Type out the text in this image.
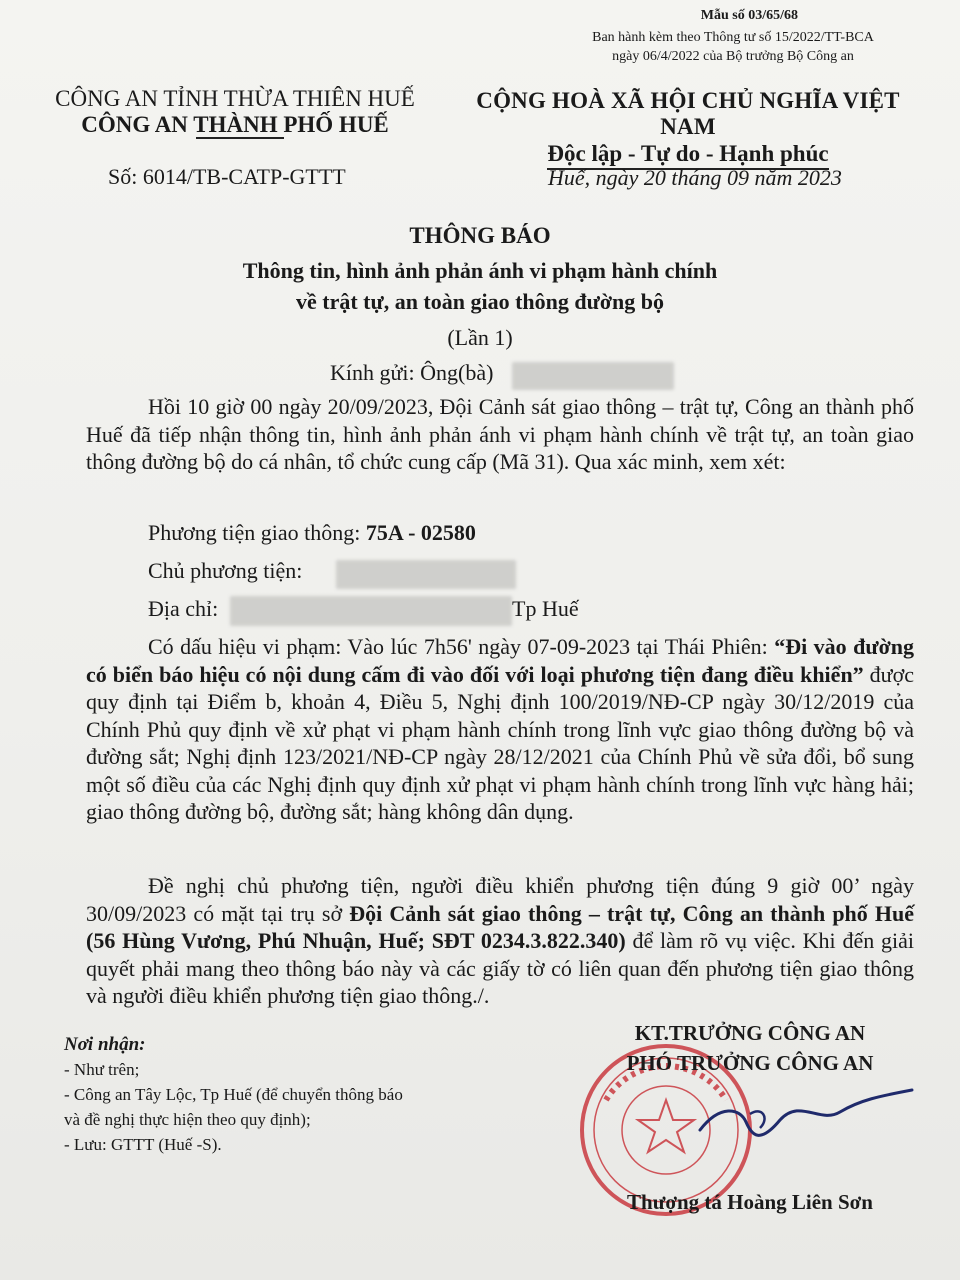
Mẫu số 03/65/68
Ban hành kèm theo Thông tư số 15/2022/TT-BCA
ngày 06/4/2022 của Bộ trưởng Bộ Công an
CÔNG AN TỈNH THỪA THIÊN HUẾ
CÔNG AN THÀNH PHỐ HUẾ
CỘNG HOÀ XÃ HỘI CHỦ NGHĨA VIỆT NAM
Độc lập - Tự do - Hạnh phúc
Số: 6014/TB-CATP-GTTT	Huế, ngày 20 tháng 09 năm 2023
THÔNG BÁO
Thông tin, hình ảnh phản ánh vi phạm hành chính
về trật tự, an toàn giao thông đường bộ
(Lần 1)
Kính gửi: Ông(bà)

Hồi 10 giờ 00 ngày 20/09/2023, Đội Cảnh sát giao thông – trật tự, Công an thành phố Huế đã tiếp nhận thông tin, hình ảnh phản ánh vi phạm hành chính về trật tự, an toàn giao thông đường bộ do cá nhân, tổ chức cung cấp (Mã 31). Qua xác minh, xem xét:

Phương tiện giao thông: 75A - 02580
Chủ phương tiện:
Địa chỉ:	Tp Huế

Có dấu hiệu vi phạm: Vào lúc 7h56' ngày 07-09-2023 tại Thái Phiên: “Đi vào đường có biển báo hiệu có nội dung cấm đi vào đối với loại phương tiện đang điều khiển” được quy định tại Điểm b, khoản 4, Điều 5, Nghị định 100/2019/NĐ-CP ngày 30/12/2019 của Chính Phủ quy định về xử phạt vi phạm hành chính trong lĩnh vực giao thông đường bộ và đường sắt; Nghị định 123/2021/NĐ-CP ngày 28/12/2021 của Chính Phủ về sửa đổi, bổ sung một số điều của các Nghị định quy định xử phạt vi phạm hành chính trong lĩnh vực hàng hải; giao thông đường bộ, đường sắt; hàng không dân dụng.

Đề nghị chủ phương tiện, người điều khiển phương tiện đúng 9 giờ 00’ ngày 30/09/2023 có mặt tại trụ sở Đội Cảnh sát giao thông – trật tự, Công an thành phố Huế (56 Hùng Vương, Phú Nhuận, Huế; SĐT 0234.3.822.340) để làm rõ vụ việc. Khi đến giải quyết phải mang theo thông báo này và các giấy tờ có liên quan đến phương tiện giao thông và người điều khiển phương tiện giao thông./.

Nơi nhận:
- Như trên;
- Công an Tây Lộc, Tp Huế (để chuyển thông báo
và đề nghị thực hiện theo quy định);
- Lưu: GTTT (Huế -S).
KT.TRƯỞNG CÔNG AN
PHÓ TRƯỞNG CÔNG AN
Thượng tá Hoàng Liên Sơn
